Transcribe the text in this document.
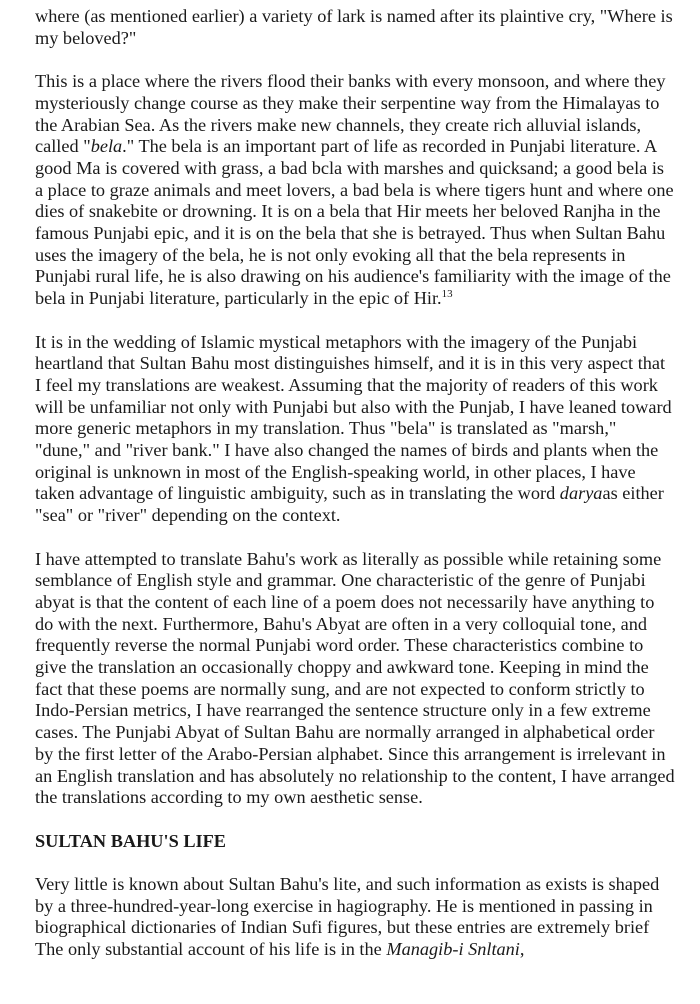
where (as mentioned earlier) a variety of lark is named after its plaintive cry, "Where is my beloved?"

This is a place where the rivers flood their banks with every monsoon, and where they mysteriously change course as they make their serpentine way from the Himalayas to the Arabian Sea. As the rivers make new channels, they create rich alluvial islands, called "bela." The bela is an important part of life as recorded in Punjabi literature. A good Ma is covered with grass, a bad bcla with marshes and quicksand; a good bela is a place to graze animals and meet lovers, a bad bela is where tigers hunt and where one dies of snakebite or drowning. It is on a bela that Hir meets her beloved Ranjha in the famous Punjabi epic, and it is on the bela that she is betrayed. Thus when Sultan Bahu uses the imagery of the bela, he is not only evoking all that the bela represents in Punjabi rural life, he is also drawing on his audience's familiarity with the image of the bela in Punjabi literature, particularly in the epic of Hir.$^{13}$

It is in the wedding of Islamic mystical metaphors with the imagery of the Punjabi heartland that Sultan Bahu most distinguishes himself, and it is in this very aspect that I feel my translations are weakest. Assuming that the majority of readers of this work will be unfamiliar not only with Punjabi but also with the Punjab, I have leaned toward more generic metaphors in my translation. Thus "bela" is translated as "marsh," "dune," and "river bank." I have also changed the names of birds and plants when the original is unknown in most of the English-speaking world, in other places, I have taken advantage of linguistic ambiguity, such as in translating the word daryaas either "sea" or "river" depending on the context.

I have attempted to translate Bahu's work as literally as possible while retaining some semblance of English style and grammar. One characteristic of the genre of Punjabi abyat is that the content of each line of a poem does not necessarily have anything to do with the next. Furthermore, Bahu's Abyat are often in a very colloquial tone, and frequently reverse the normal Punjabi word order. These characteristics combine to give the translation an occasionally choppy and awkward tone. Keeping in mind the fact that these poems are normally sung, and are not expected to conform strictly to Indo-Persian metrics, I have rearranged the sentence structure only in a few extreme cases. The Punjabi Abyat of Sultan Bahu are normally arranged in alphabetical order by the first letter of the Arabo-Persian alphabet. Since this arrangement is irrelevant in an English translation and has absolutely no relationship to the content, I have arranged the translations according to my own aesthetic sense.

SULTAN BAHU'S LIFE

Very little is known about Sultan Bahu's lite, and such information as exists is shaped by a three-hundred-year-long exercise in hagiography. He is mentioned in passing in biographical dictionaries of Indian Sufi figures, but these entries are extremely brief The only substantial account of his life is in the Managib-i Snltani,
